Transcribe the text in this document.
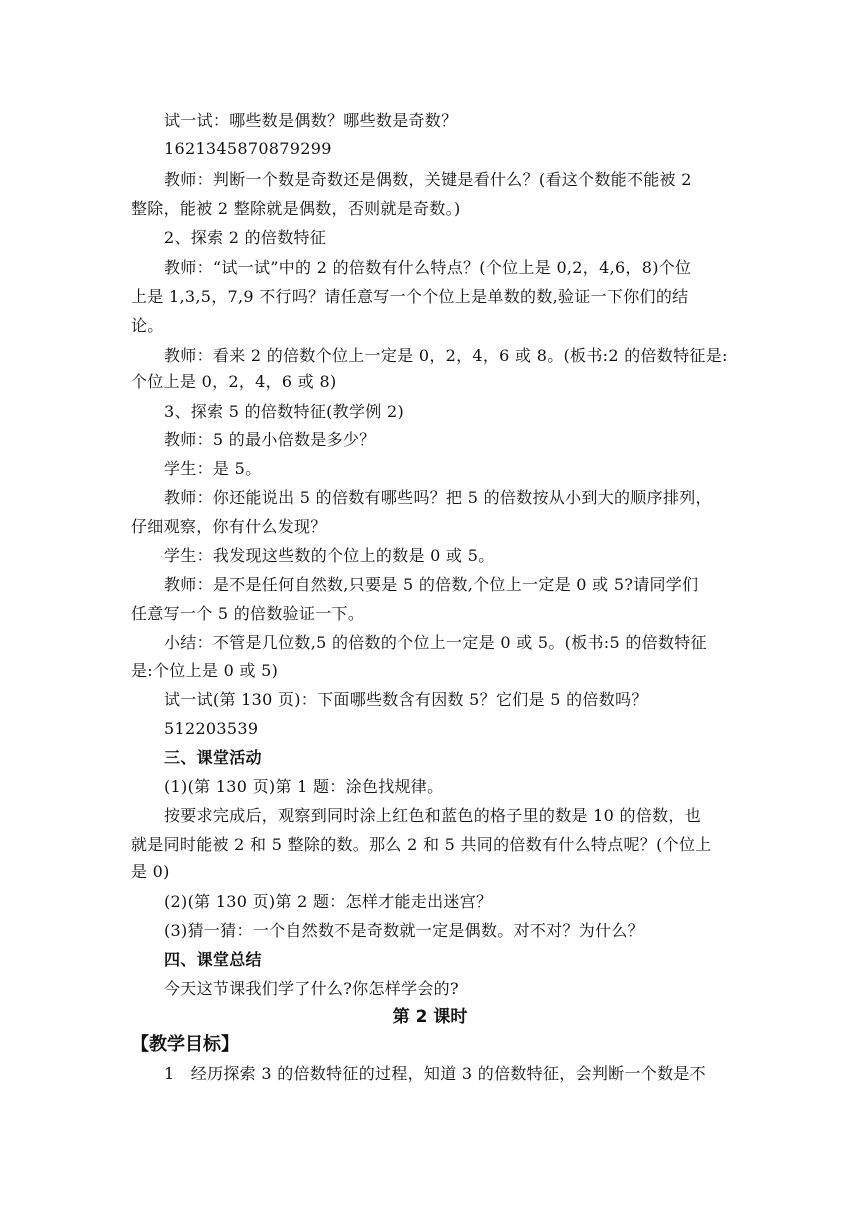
试一试：哪些数是偶数？哪些数是奇数？
1621345870879299
教师：判断一个数是奇数还是偶数，关键是看什么？(看这个数能不能被 2
整除，能被 2 整除就是偶数，否则就是奇数。)
2、探索 2 的倍数特征
教师：“试一试”中的 2 的倍数有什么特点？(个位上是 0,2，4,6，8)个位
上是 1,3,5，7,9 不行吗？请任意写一个个位上是单数的数,验证一下你们的结
论。
教师：看来 2 的倍数个位上一定是 0，2，4，6 或 8。(板书:2 的倍数特征是:
个位上是 0，2，4，6 或 8)
3、探索 5 的倍数特征(教学例 2)
教师：5 的最小倍数是多少？
学生：是 5。
教师：你还能说出 5 的倍数有哪些吗？把 5 的倍数按从小到大的顺序排列，
仔细观察，你有什么发现？
学生：我发现这些数的个位上的数是 0 或 5。
教师：是不是任何自然数,只要是 5 的倍数,个位上一定是 0 或 5?请同学们
任意写一个 5 的倍数验证一下。
小结：不管是几位数,5 的倍数的个位上一定是 0 或 5。(板书:5 的倍数特征
是:个位上是 0 或 5)
试一试(第 130 页)：下面哪些数含有因数 5？它们是 5 的倍数吗？
512203539
三、课堂活动
(1)(第 130 页)第 1 题：涂色找规律。
按要求完成后，观察到同时涂上红色和蓝色的格子里的数是 10 的倍数，也
就是同时能被 2 和 5 整除的数。那么 2 和 5 共同的倍数有什么特点呢？(个位上
是 0)
(2)(第 130 页)第 2 题：怎样才能走出迷宫？
(3)猜一猜：一个自然数不是奇数就一定是偶数。对不对？为什么？
四、课堂总结
今天这节课我们学了什么?你怎样学会的?
第 2 课时
【教学目标】
1　经历探索 3 的倍数特征的过程，知道 3 的倍数特征，会判断一个数是不
